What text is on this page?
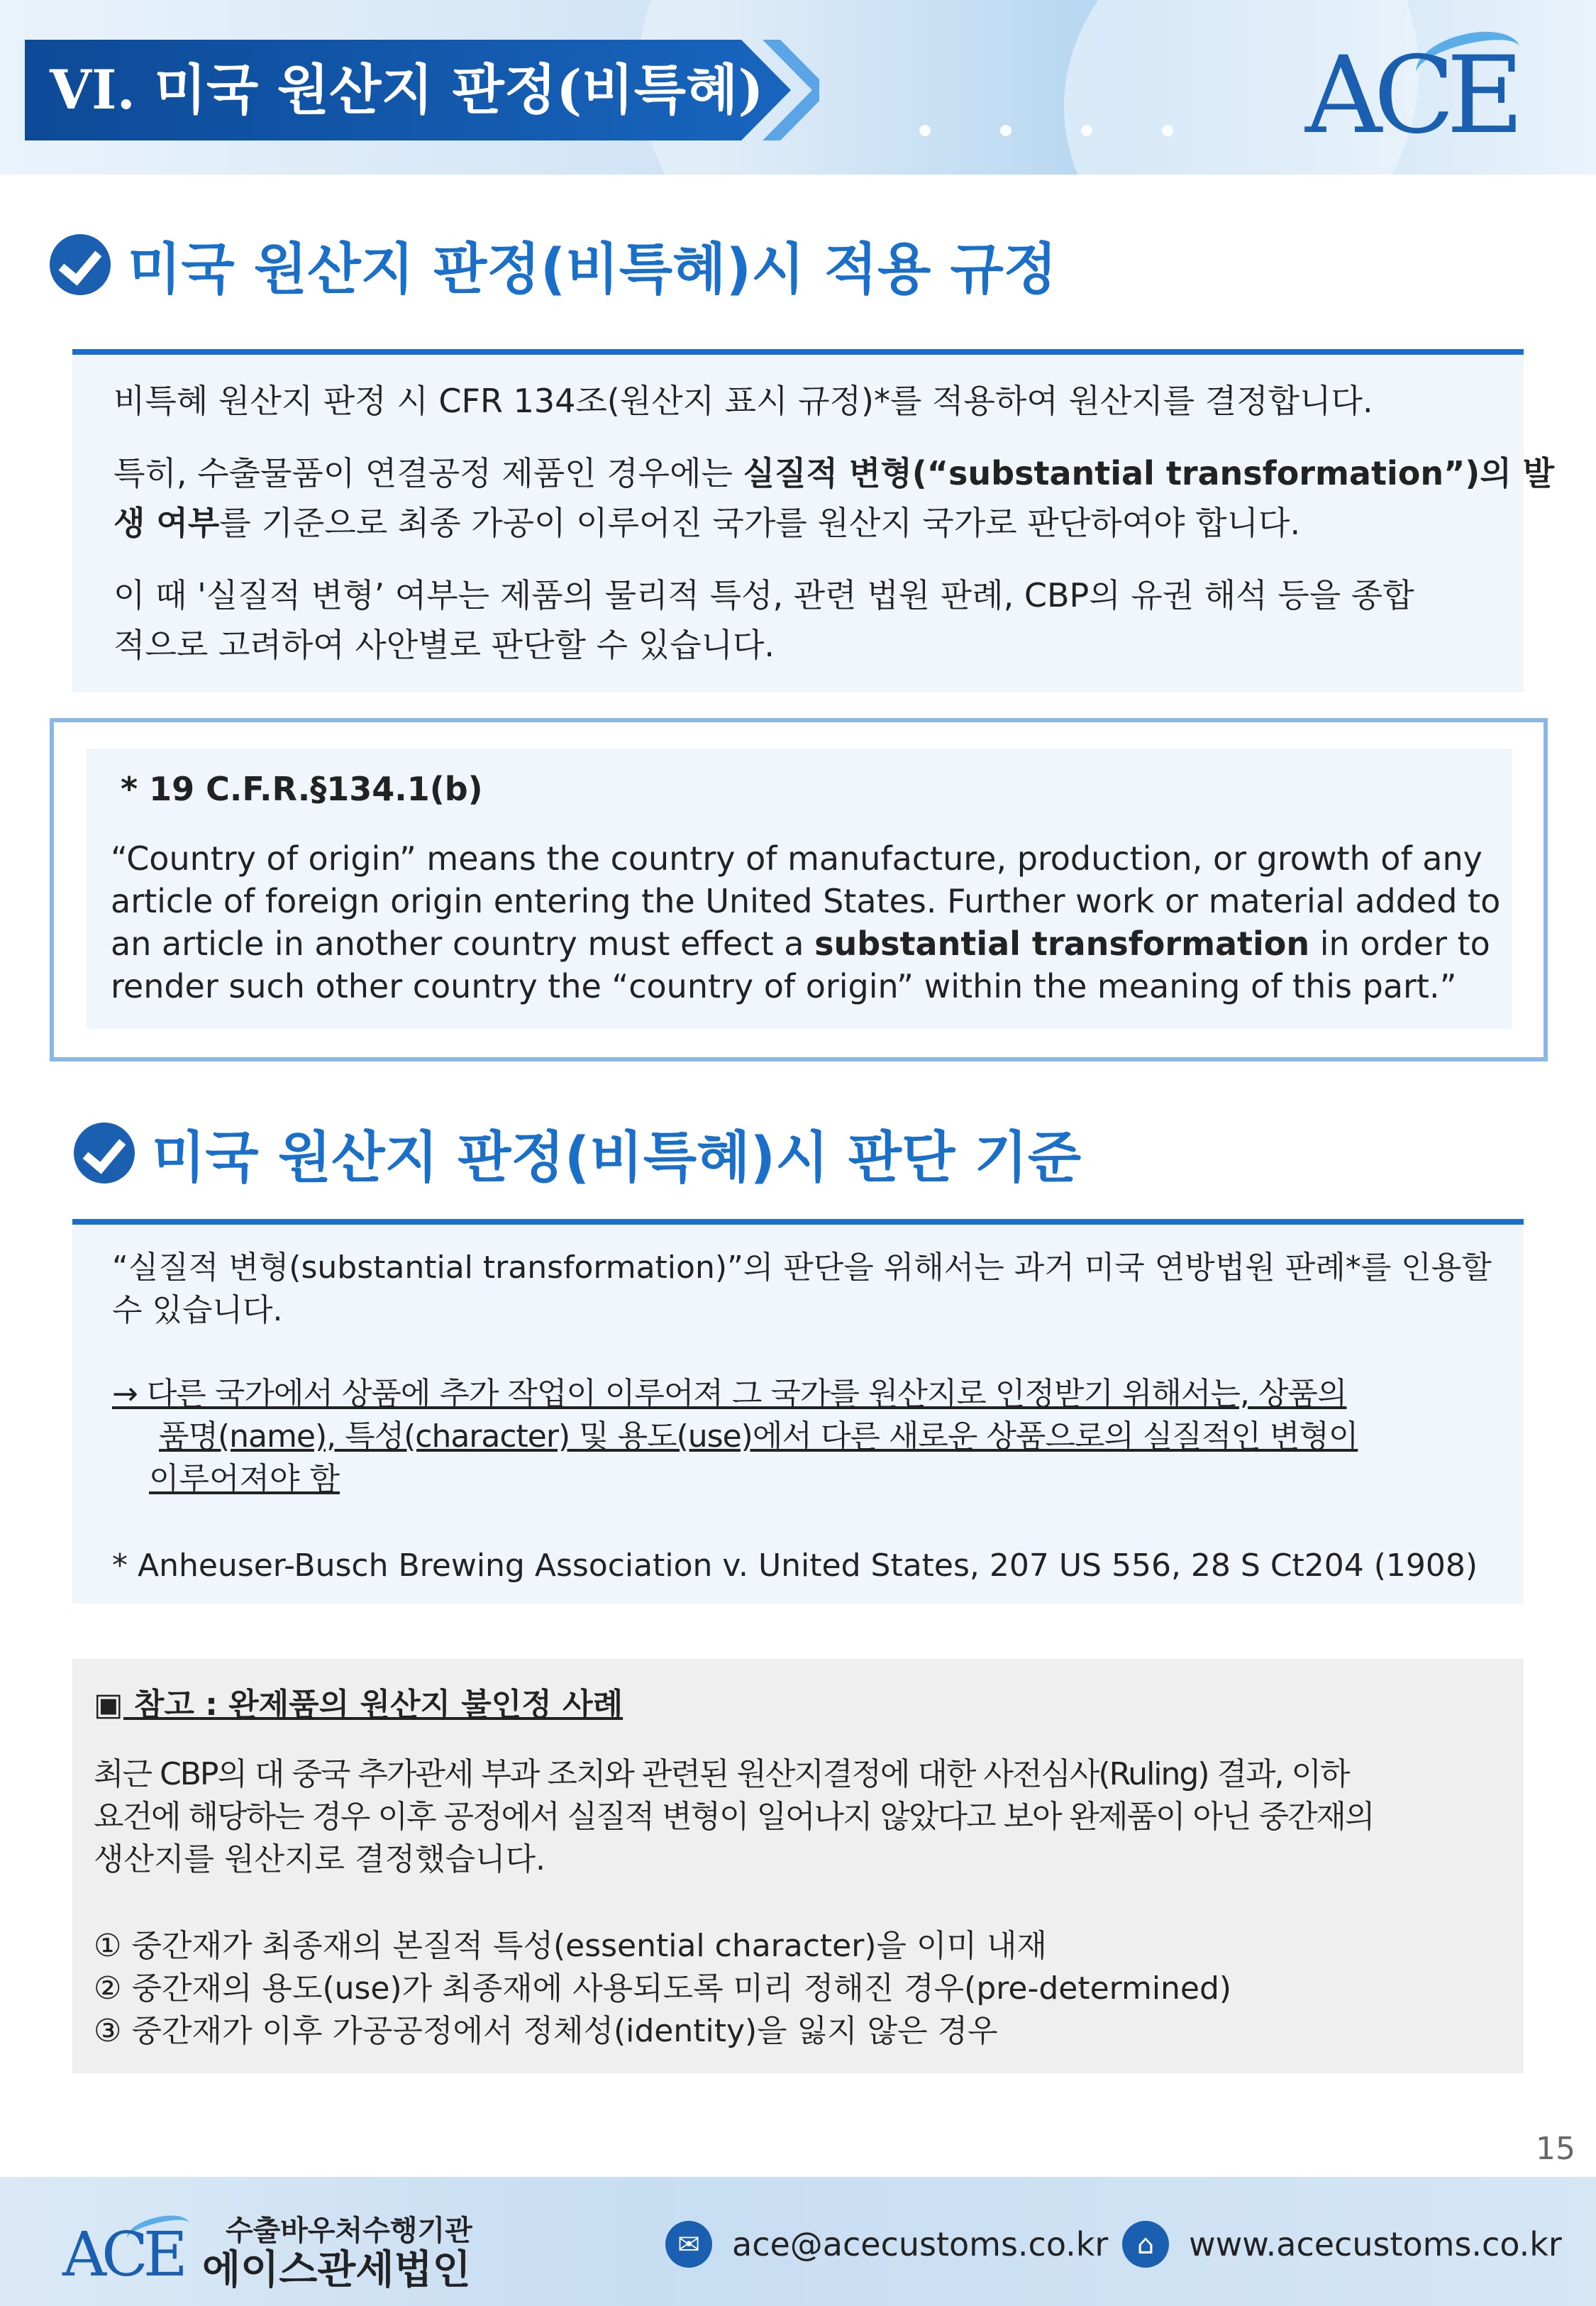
VI. 미국 원산지 판정(비특혜)	ACE
미국 원산지 판정(비특혜)시 적용 규정
비특혜 원산지 판정 시 CFR 134조(원산지 표시 규정)*를 적용하여 원산지를 결정합니다.
특히, 수출물품이 연결공정 제품인 경우에는 실질적 변형(“substantial transformation”)의 발
생 여부를 기준으로 최종 가공이 이루어진 국가를 원산지 국가로 판단하여야 합니다.
이 때 '실질적 변형’ 여부는 제품의 물리적 특성, 관련 법원 판례, CBP의 유권 해석 등을 종합
적으로 고려하여 사안별로 판단할 수 있습니다.
* 19 C.F.R.§134.1(b)
“Country of origin” means the country of manufacture, production, or growth of any
article of foreign origin entering the United States. Further work or material added to
an article in another country must effect a substantial transformation in order to
render such other country the “country of origin” within the meaning of this part.”
미국 원산지 판정(비특혜)시 판단 기준
“실질적 변형(substantial transformation)”의 판단을 위해서는 과거 미국 연방법원 판례*를 인용할
수 있습니다.
→ 다른 국가에서 상품에 추가 작업이 이루어져 그 국가를 원산지로 인정받기 위해서는, 상품의
품명(name), 특성(character) 및 용도(use)에서 다른 새로운 상품으로의 실질적인 변형이
이루어져야 함
* Anheuser-Busch Brewing Association v. United States, 207 US 556, 28 S Ct204 (1908)
▣ 참고 : 완제품의 원산지 불인정 사례
최근 CBP의 대 중국 추가관세 부과 조치와 관련된 원산지결정에 대한 사전심사(Ruling) 결과, 이하
요건에 해당하는 경우 이후 공정에서 실질적 변형이 일어나지 않았다고 보아 완제품이 아닌 중간재의
생산지를 원산지로 결정했습니다.
① 중간재가 최종재의 본질적 특성(essential character)을 이미 내재
② 중간재의 용도(use)가 최종재에 사용되도록 미리 정해진 경우(pre-determined)
③ 중간재가 이후 가공공정에서 정체성(identity)을 잃지 않은 경우
15
ACE 수출바우처수행기관
에이스관세법인
✉ ace@acecustoms.co.kr	⌂	www.acecustoms.co.kr
